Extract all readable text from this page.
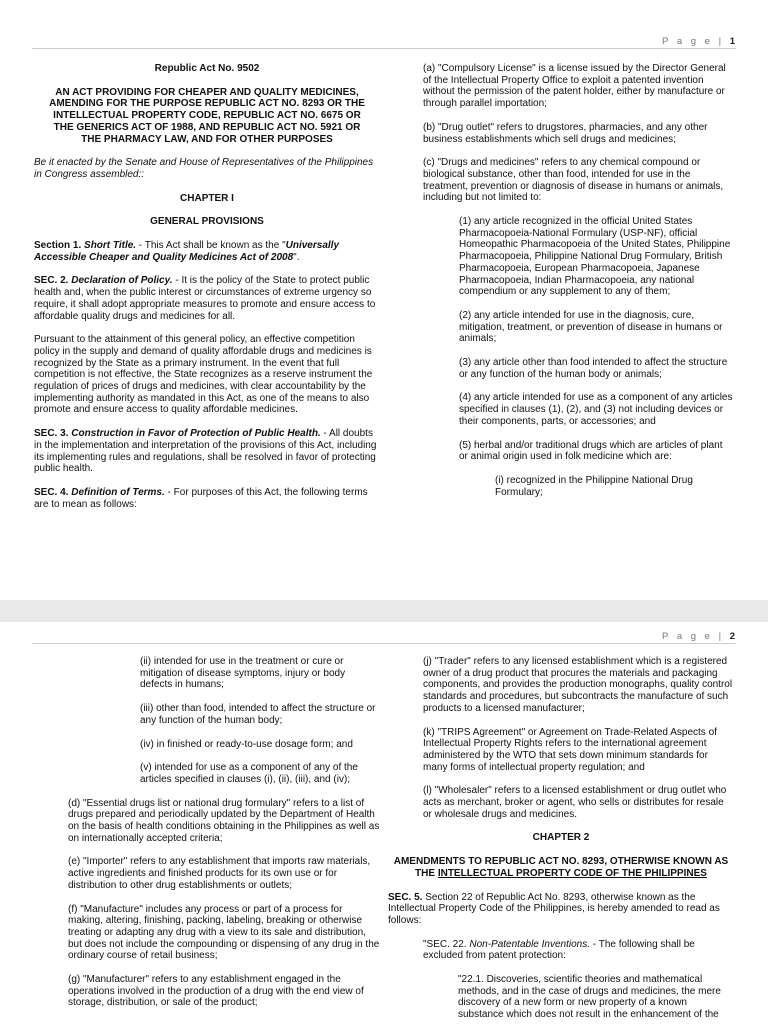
P a g e | 1

Republic Act No. 9502

AN ACT PROVIDING FOR CHEAPER AND QUALITY MEDICINES, AMENDING FOR THE PURPOSE REPUBLIC ACT NO. 8293 OR THE INTELLECTUAL PROPERTY CODE, REPUBLIC ACT NO. 6675 OR THE GENERICS ACT OF 1988, AND REPUBLIC ACT NO. 5921 OR THE PHARMACY LAW, AND FOR OTHER PURPOSES

Be it enacted by the Senate and House of Representatives of the Philippines in Congress assembled::

CHAPTER I

GENERAL PROVISIONS

Section 1. Short Title. - This Act shall be known as the "Universally Accessible Cheaper and Quality Medicines Act of 2008".

SEC. 2. Declaration of Policy. - It is the policy of the State to protect public health and, when the public interest or circumstances of extreme urgency so require, it shall adopt appropriate measures to promote and ensure access to affordable quality drugs and medicines for all.

Pursuant to the attainment of this general policy, an effective competition policy in the supply and demand of quality affordable drugs and medicines is recognized by the State as a primary instrument. In the event that full competition is not effective, the State recognizes as a reserve instrument the regulation of prices of drugs and medicines, with clear accountability by the implementing authority as mandated in this Act, as one of the means to also promote and ensure access to quality affordable medicines.

SEC. 3. Construction in Favor of Protection of Public Health. - All doubts in the implementation and interpretation of the provisions of this Act, including its implementing rules and regulations, shall be resolved in favor of protecting public health.

SEC. 4. Definition of Terms. - For purposes of this Act, the following terms are to mean as follows:

(a) "Compulsory License" is a license issued by the Director General of the Intellectual Property Office to exploit a patented invention without the permission of the patent holder, either by manufacture or through parallel importation;

(b) "Drug outlet" refers to drugstores, pharmacies, and any other business establishments which sell drugs and medicines;

(c) "Drugs and medicines" refers to any chemical compound or biological substance, other than food, intended for use in the treatment, prevention or diagnosis of disease in humans or animals, including but not limited to:

(1) any article recognized in the official United States Pharmacopoeia-National Formulary (USP-NF), official Homeopathic Pharmacopoeia of the United States, Philippine Pharmacopoeia, Philippine National Drug Formulary, British Pharmacopoeia, European Pharmacopoeia, Japanese Pharmacopoeia, Indian Pharmacopoeia, any national compendium or any supplement to any of them;

(2) any article intended for use in the diagnosis, cure, mitigation, treatment, or prevention of disease in humans or animals;

(3) any article other than food intended to affect the structure or any function of the human body or animals;

(4) any article intended for use as a component of any articles specified in clauses (1), (2), and (3) not including devices or their components, parts, or accessories; and

(5) herbal and/or traditional drugs which are articles of plant or animal origin used in folk medicine which are:

(i) recognized in the Philippine National Drug Formulary;

P a g e | 2

(ii) intended for use in the treatment or cure or mitigation of disease symptoms, injury or body defects in humans;

(iii) other than food, intended to affect the structure or any function of the human body;

(iv) in finished or ready-to-use dosage form; and

(v) intended for use as a component of any of the articles specified in clauses (i), (ii), (iii), and (iv);

(d) "Essential drugs list or national drug formulary" refers to a list of drugs prepared and periodically updated by the Department of Health on the basis of health conditions obtaining in the Philippines as well as on internationally accepted criteria;

(e) "Importer" refers to any establishment that imports raw materials, active ingredients and finished products for its own use or for distribution to other drug establishments or outlets;

(f) "Manufacture" includes any process or part of a process for making, altering, finishing, packing, labeling, breaking or otherwise treating or adapting any drug with a view to its sale and distribution, but does not include the compounding or dispensing of any drug in the ordinary course of retail business;

(g) "Manufacturer" refers to any establishment engaged in the operations involved in the production of a drug with the end view of storage, distribution, or sale of the product;

(j) "Trader" refers to any licensed establishment which is a registered owner of a drug product that procures the materials and packaging components, and provides the production monographs, quality control standards and procedures, but subcontracts the manufacture of such products to a licensed manufacturer;

(k) "TRIPS Agreement" or Agreement on Trade-Related Aspects of Intellectual Property Rights refers to the international agreement administered by the WTO that sets down minimum standards for many forms of intellectual property regulation; and

(l) "Wholesaler" refers to a licensed establishment or drug outlet who acts as merchant, broker or agent, who sells or distributes for resale or wholesale drugs and medicines.

CHAPTER 2

AMENDMENTS TO REPUBLIC ACT NO. 8293, OTHERWISE KNOWN AS THE INTELLECTUAL PROPERTY CODE OF THE PHILIPPINES

SEC. 5. Section 22 of Republic Act No. 8293, otherwise known as the Intellectual Property Code of the Philippines, is hereby amended to read as follows:

"SEC. 22. Non-Patentable Inventions. - The following shall be excluded from patent protection:

"22.1. Discoveries, scientific theories and mathematical methods, and in the case of drugs and medicines, the mere discovery of a new form or new property of a known substance which does not result in the enhancement of the
